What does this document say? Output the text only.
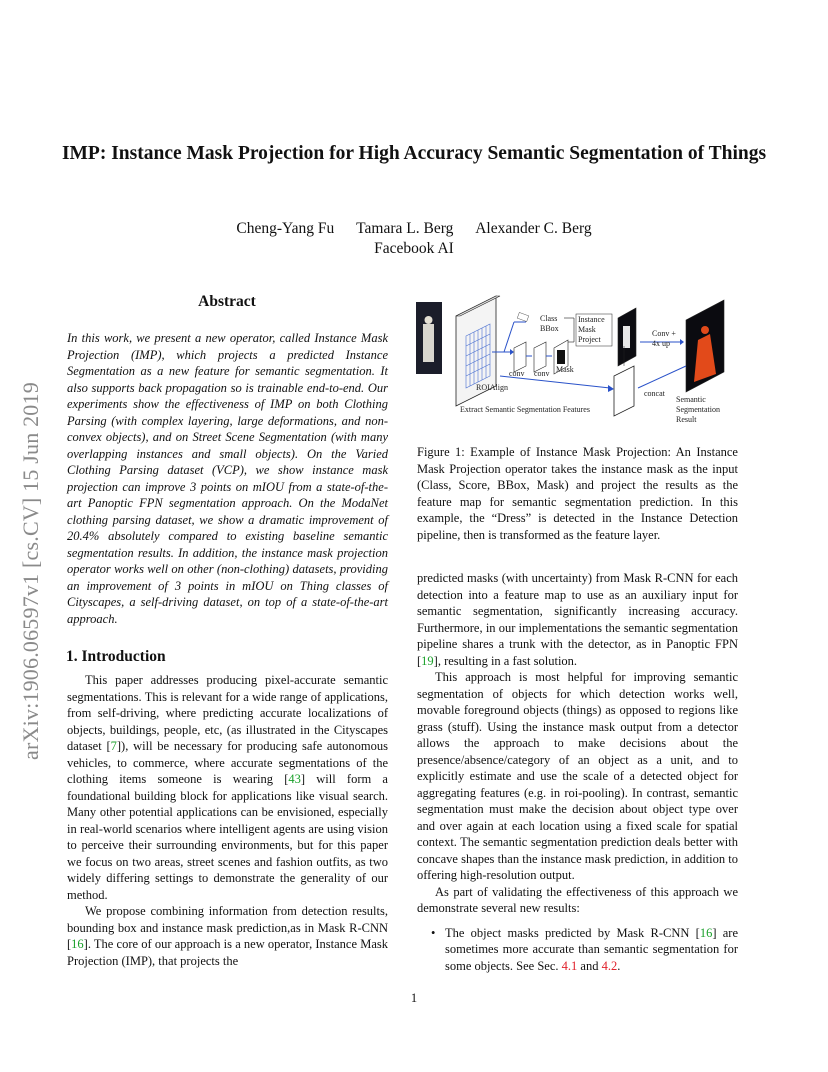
IMP: Instance Mask Projection for High Accuracy Semantic Segmentation of Things
Cheng-Yang Fu Tamara L. Berg Alexander C. Berg
Facebook AI
arXiv:1906.06597v1 [cs.CV] 15 Jun 2019
Abstract
In this work, we present a new operator, called Instance Mask Projection (IMP), which projects a predicted Instance Segmentation as a new feature for semantic segmentation. It also supports back propagation so is trainable end-to-end. Our experiments show the effectiveness of IMP on both Clothing Parsing (with complex layering, large deformations, and non-convex objects), and on Street Scene Segmentation (with many overlapping instances and small objects). On the Varied Clothing Parsing dataset (VCP), we show instance mask projection can improve 3 points on mIOU from a state-of-the-art Panoptic FPN segmentation approach. On the ModaNet clothing parsing dataset, we show a dramatic improvement of 20.4% absolutely compared to existing baseline semantic segmentation results. In addition, the instance mask projection operator works well on other (non-clothing) datasets, providing an improvement of 3 points in mIOU on Thing classes of Cityscapes, a self-driving dataset, on top of a state-of-the-art approach.
1. Introduction

This paper addresses producing pixel-accurate semantic segmentations. This is relevant for a wide range of applications, from self-driving, where predicting accurate localizations of objects, buildings, people, etc, (as illustrated in the Cityscapes dataset [7]), will be necessary for producing safe autonomous vehicles, to commerce, where accurate segmentations of the clothing items someone is wearing [43] will form a foundational building block for applications like visual search. Many other potential applications can be envisioned, especially in real-world scenarios where intelligent agents are using vision to perceive their surrounding environments, but for this paper we focus on two areas, street scenes and fashion outfits, as two widely differing settings to demonstrate the generality of our method.

We propose combining information from detection results, bounding box and instance mask prediction,as in Mask R-CNN [16]. The core of our approach is a new operator, Instance Mask Projection (IMP), that projects the

Class
BBox
Instance
Mask
Project
Conv +
4x up
ROIAlign
conv conv Mask
concat
Extract Semantic Segmentation Features
Semantic
Segmentation
Result
Figure 1: Example of Instance Mask Projection: An Instance Mask Projection operator takes the instance mask as the input (Class, Score, BBox, Mask) and project the results as the feature map for semantic segmentation prediction. In this example, the “Dress” is detected in the Instance Detection pipeline, then is transformed as the feature layer.

predicted masks (with uncertainty) from Mask R-CNN for each detection into a feature map to use as an auxiliary input for semantic segmentation, significantly increasing accuracy. Furthermore, in our implementations the semantic segmentation pipeline shares a trunk with the detector, as in Panoptic FPN [19], resulting in a fast solution.

This approach is most helpful for improving semantic segmentation of objects for which detection works well, movable foreground objects (things) as opposed to regions like grass (stuff). Using the instance mask output from a detector allows the approach to make decisions about the presence/absence/category of an object as a unit, and to explicitly estimate and use the scale of a detected object for aggregating features (e.g. in roi-pooling). In contrast, semantic segmentation must make the decision about object type over and over again at each location using a fixed scale for spatial context. The semantic segmentation prediction deals better with concave shapes than the instance mask prediction, in addition to offering high-resolution output.

As part of validating the effectiveness of this approach we demonstrate several new results:

• The object masks predicted by Mask R-CNN [16] are sometimes more accurate than semantic segmentation for some objects. See Sec. 4.1 and 4.2.
1
